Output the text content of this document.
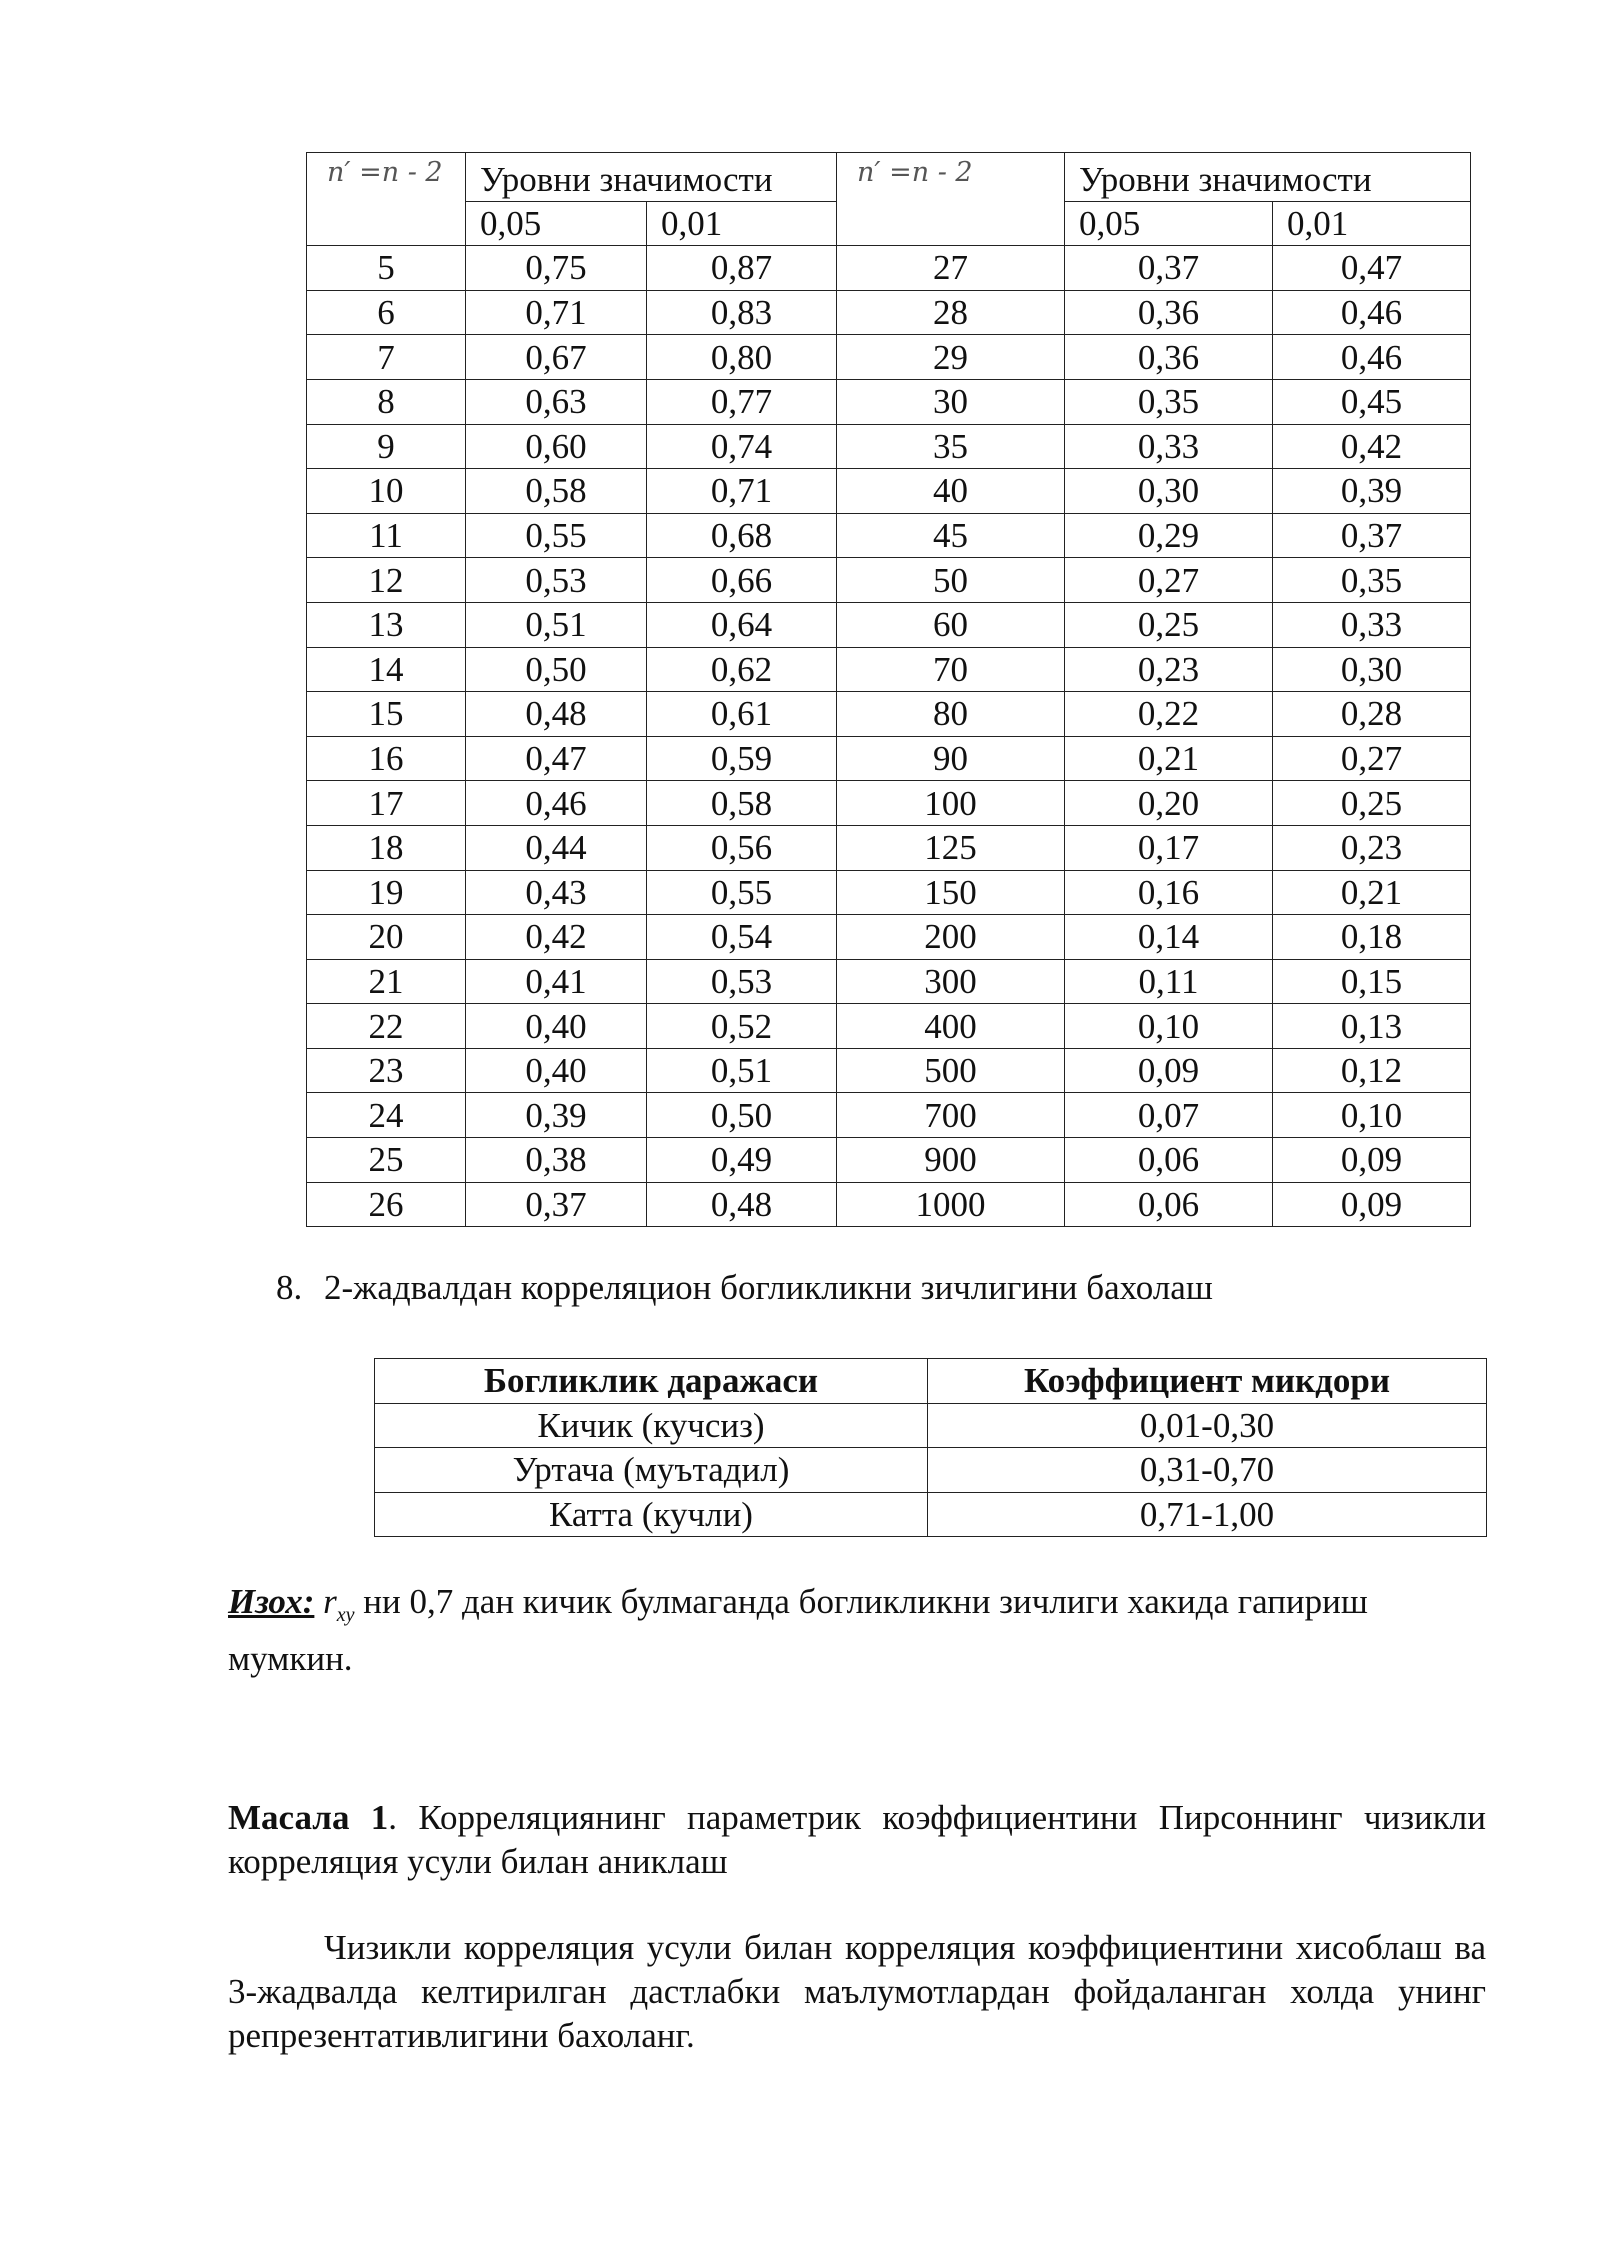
n′ =n - 2	Уровни значимости		n′ =n - 2	Уровни значимости	
	0,05	0,01		0,05	0,01
5	0,75	0,87	27	0,37	0,47
6	0,71	0,83	28	0,36	0,46
7	0,67	0,80	29	0,36	0,46
8	0,63	0,77	30	0,35	0,45
9	0,60	0,74	35	0,33	0,42
10	0,58	0,71	40	0,30	0,39
11	0,55	0,68	45	0,29	0,37
12	0,53	0,66	50	0,27	0,35
13	0,51	0,64	60	0,25	0,33
14	0,50	0,62	70	0,23	0,30
15	0,48	0,61	80	0,22	0,28
16	0,47	0,59	90	0,21	0,27
17	0,46	0,58	100	0,20	0,25
18	0,44	0,56	125	0,17	0,23
19	0,43	0,55	150	0,16	0,21
20	0,42	0,54	200	0,14	0,18
21	0,41	0,53	300	0,11	0,15
22	0,40	0,52	400	0,10	0,13
23	0,40	0,51	500	0,09	0,12
24	0,39	0,50	700	0,07	0,10
25	0,38	0,49	900	0,06	0,09
26	0,37	0,48	1000	0,06	0,09
8. 2-жадвалдан корреляцион богликликни зичлигини бахолаш
Богликлик даражаси	Коэффициент микдори
Кичик (кучсиз)	0,01-0,30
Уртача (муътадил)	0,31-0,70
Катта (кучли)	0,71-1,00
Изох: $r_{xy}$ ни 0,7 дан кичик булмаганда богликликни зичлиги хакида гапириш мумкин.
Масала 1. Корреляциянинг параметрик коэффициентини Пирсоннинг чизикли корреляция усули билан аниклаш
Чизикли корреляция усули билан корреляция коэффициентини хисоблаш ва 3-жадвалда келтирилган дастлабки маълумотлардан фойдаланган холда унинг репрезентативлигини бахоланг.
